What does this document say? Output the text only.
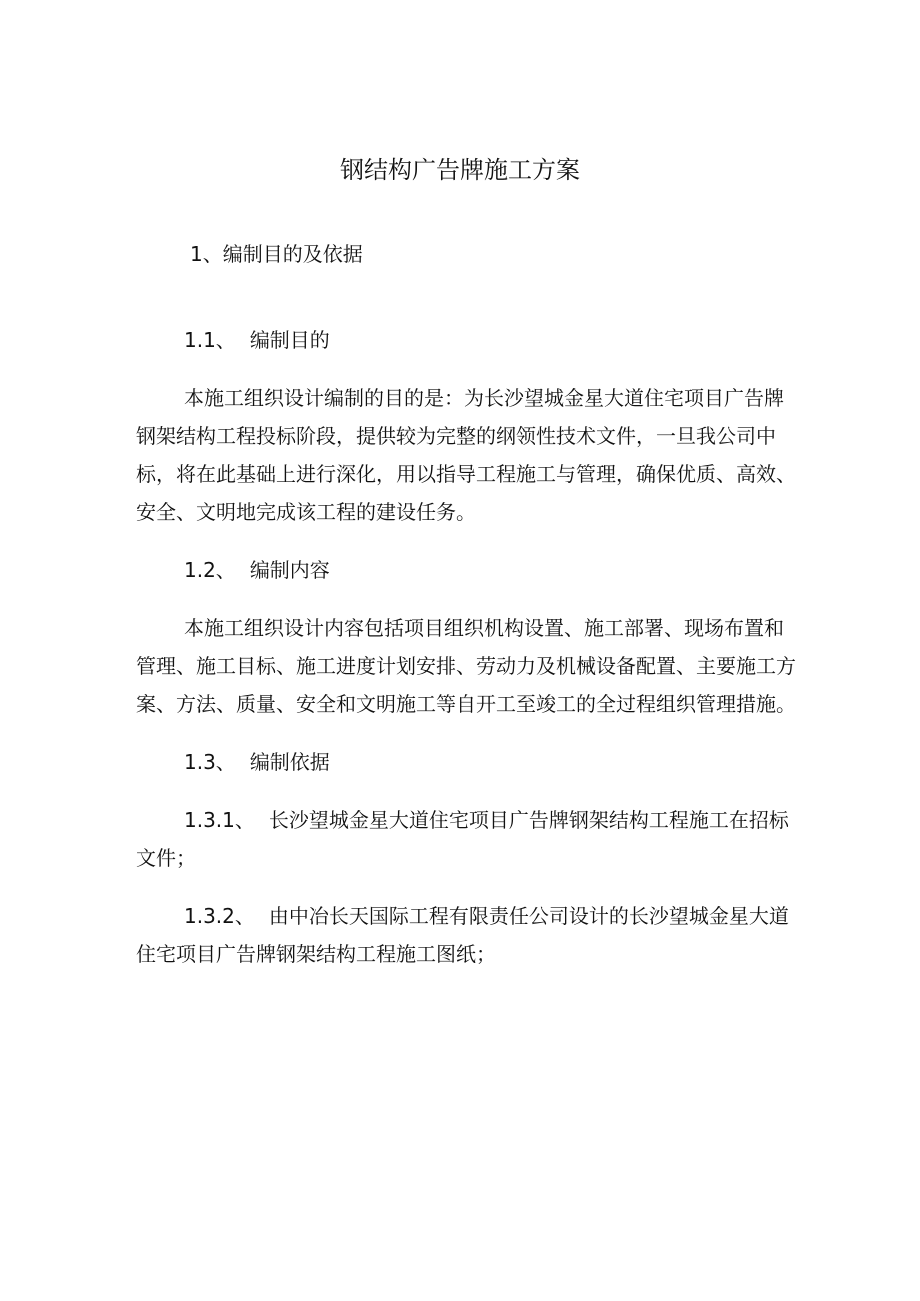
钢结构广告牌施工方案
1、编制目的及依据

1.1、 编制目的

本施工组织设计编制的目的是：为长沙望城金星大道住宅项目广告牌钢架结构工程投标阶段，提供较为完整的纲领性技术文件，一旦我公司中标，将在此基础上进行深化，用以指导工程施工与管理，确保优质、高效、安全、文明地完成该工程的建设任务。

1.2、 编制内容

本施工组织设计内容包括项目组织机构设置、施工部署、现场布置和管理、施工目标、施工进度计划安排、劳动力及机械设备配置、主要施工方案、方法、质量、安全和文明施工等自开工至竣工的全过程组织管理措施。

1.3、 编制依据

1.3.1、 长沙望城金星大道住宅项目广告牌钢架结构工程施工在招标文件；

1.3.2、 由中冶长天国际工程有限责任公司设计的长沙望城金星大道住宅项目广告牌钢架结构工程施工图纸；
